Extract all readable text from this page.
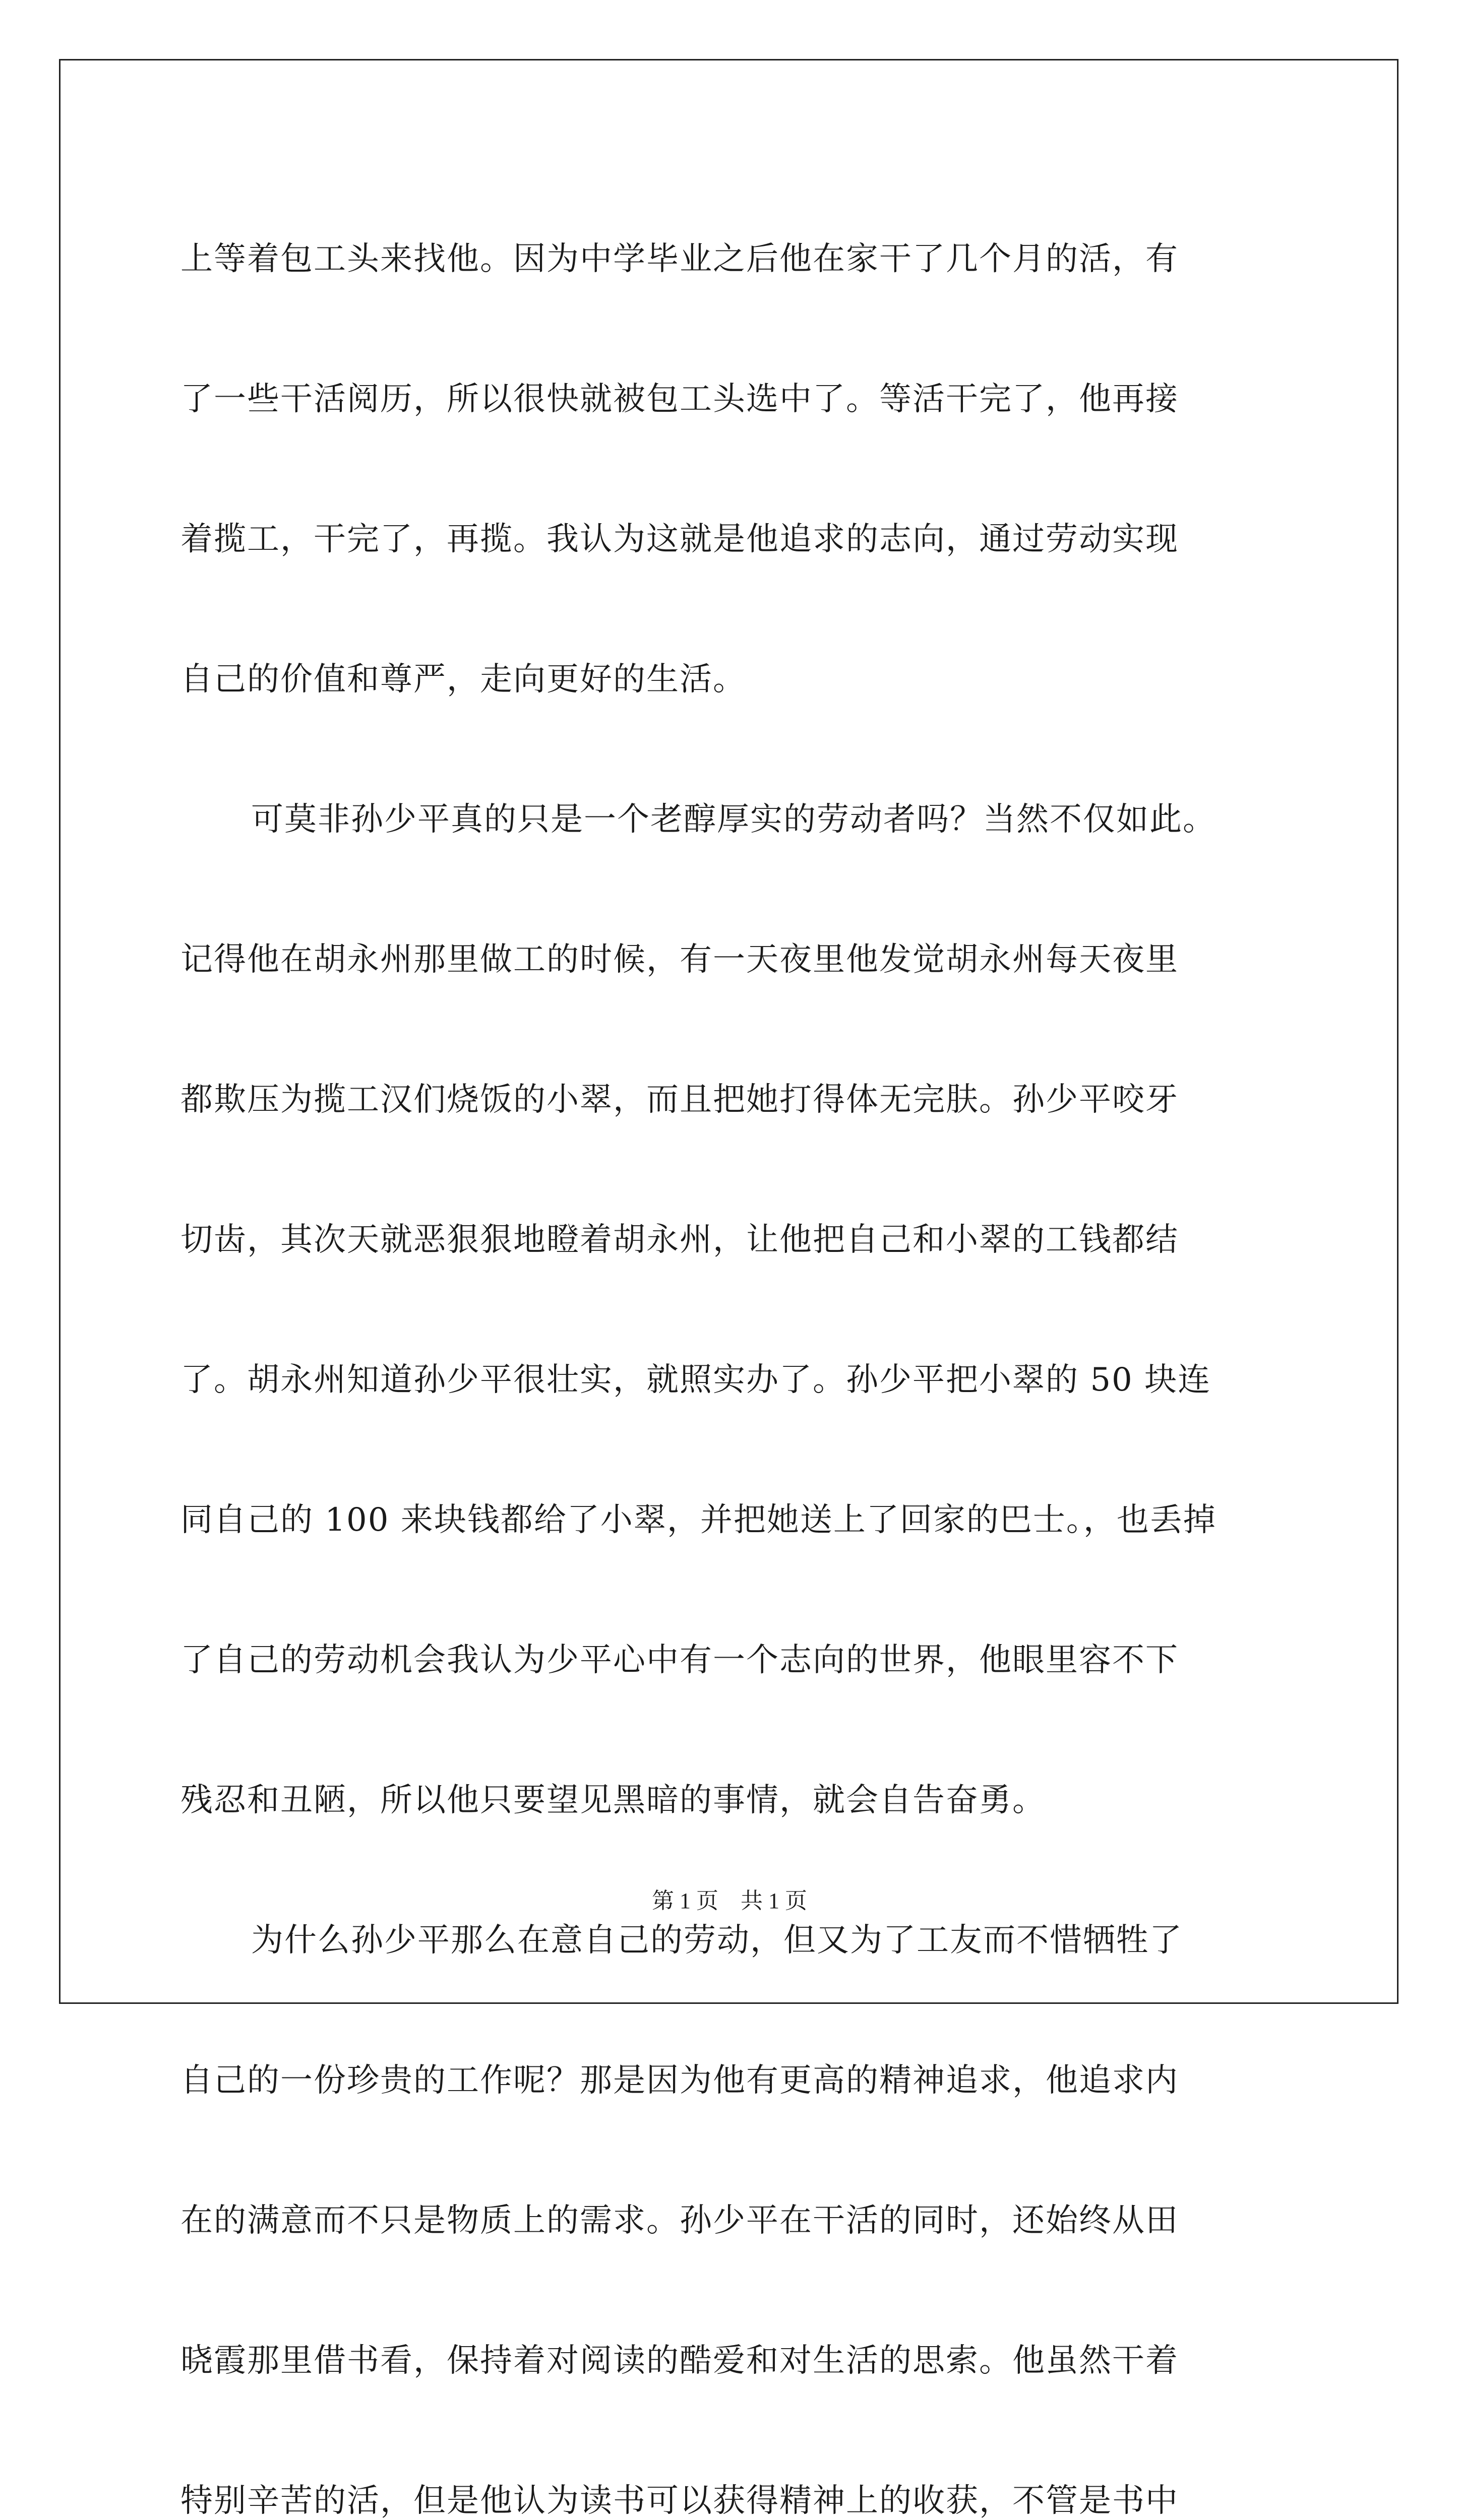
上等着包工头来找他。因为中学毕业之后他在家干了几个月的活，有
了一些干活阅历，所以很快就被包工头选中了。等活干完了，他再接
着揽工，干完了，再揽。我认为这就是他追求的志向，通过劳动实现
自己的价值和尊严，走向更好的生活。
可莫非孙少平真的只是一个老醇厚实的劳动者吗？当然不仅如此。
记得他在胡永州那里做工的时候，有一天夜里他发觉胡永州每天夜里
都欺压为揽工汉们烧饭的小翠，而且把她打得体无完肤。孙少平咬牙
切齿，其次天就恶狠狠地瞪着胡永州，让他把自己和小翠的工钱都结
了。胡永州知道孙少平很壮实，就照实办了。孙少平把小翠的 50 块连
同自己的 100 来块钱都给了小翠，并把她送上了回家的巴士。，也丢掉
了自己的劳动机会我认为少平心中有一个志向的世界，他眼里容不下
残忍和丑陋，所以他只要望见黑暗的事情，就会自告奋勇。
为什么孙少平那么在意自己的劳动，但又为了工友而不惜牺牲了
自己的一份珍贵的工作呢？那是因为他有更高的精神追求，他追求内
在的满意而不只是物质上的需求。孙少平在干活的同时，还始终从田
晓霞那里借书看，保持着对阅读的酷爱和对生活的思索。他虽然干着
特别辛苦的活，但是他认为读书可以获得精神上的收获，不管是书中
第 1 页　共 1 页
